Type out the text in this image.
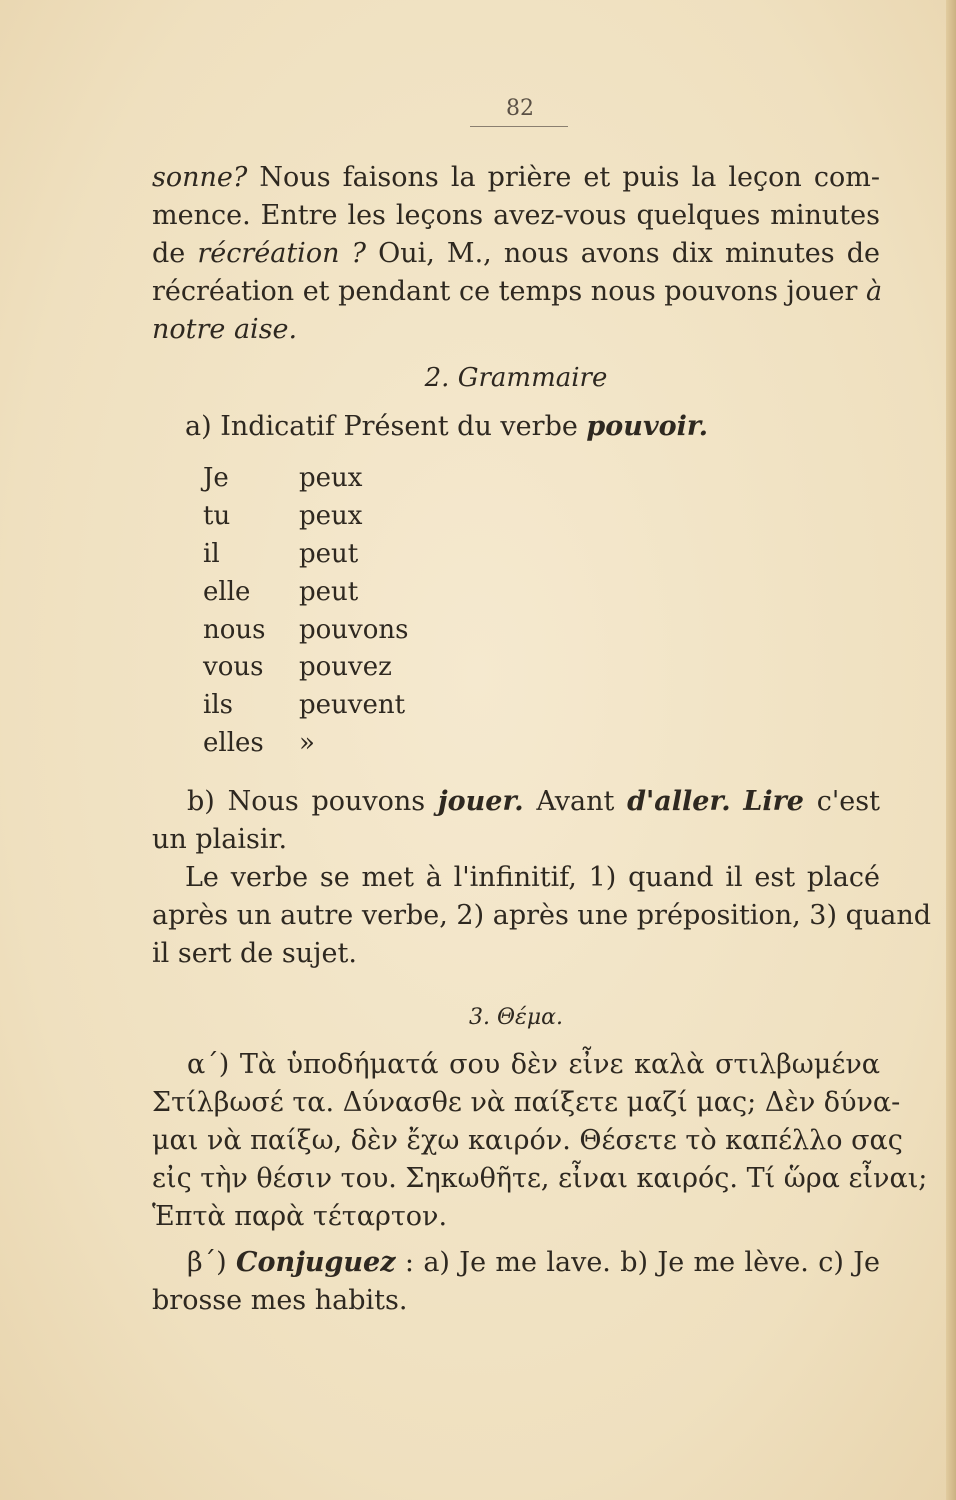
82
sonne? Nous faisons la prière et puis la leçon com-
mence. Entre les leçons avez-vous quelques minutes
de récréation ? Oui, M., nous avons dix minutes de
récréation et pendant ce temps nous pouvons jouer à
notre aise.
2. Grammaire
a) Indicatif Présent du verbe pouvoir.
Je	peux
tu	peux
il	peut
elle	peut
nous	pouvons
vous	pouvez
ils	peuvent
elles	»
b) Nous pouvons jouer. Avant d'aller. Lire c'est
un plaisir.
Le verbe se met à l'infinitif, 1) quand il est placé
après un autre verbe, 2) après une préposition, 3) quand
il sert de sujet.
3. Θέμα.
α΄) Τὰ ὑποδήματά σου δὲν εἶνε καλὰ στιλβωμένα
Στίλβωσέ τα. Δύνασθε νὰ παίξετε μαζί μας; Δὲν δύνα-
μαι νὰ παίξω, δὲν ἔχω καιρόν. Θέσετε τὸ καπέλλο σας
εἰς τὴν θέσιν του. Σηκωθῆτε, εἶναι καιρός. Τί ὥρα εἶναι;
Ἑπτὰ παρὰ τέταρτον.
β΄) Conjuguez : a) Je me lave. b) Je me lève. c) Je
brosse mes habits.
